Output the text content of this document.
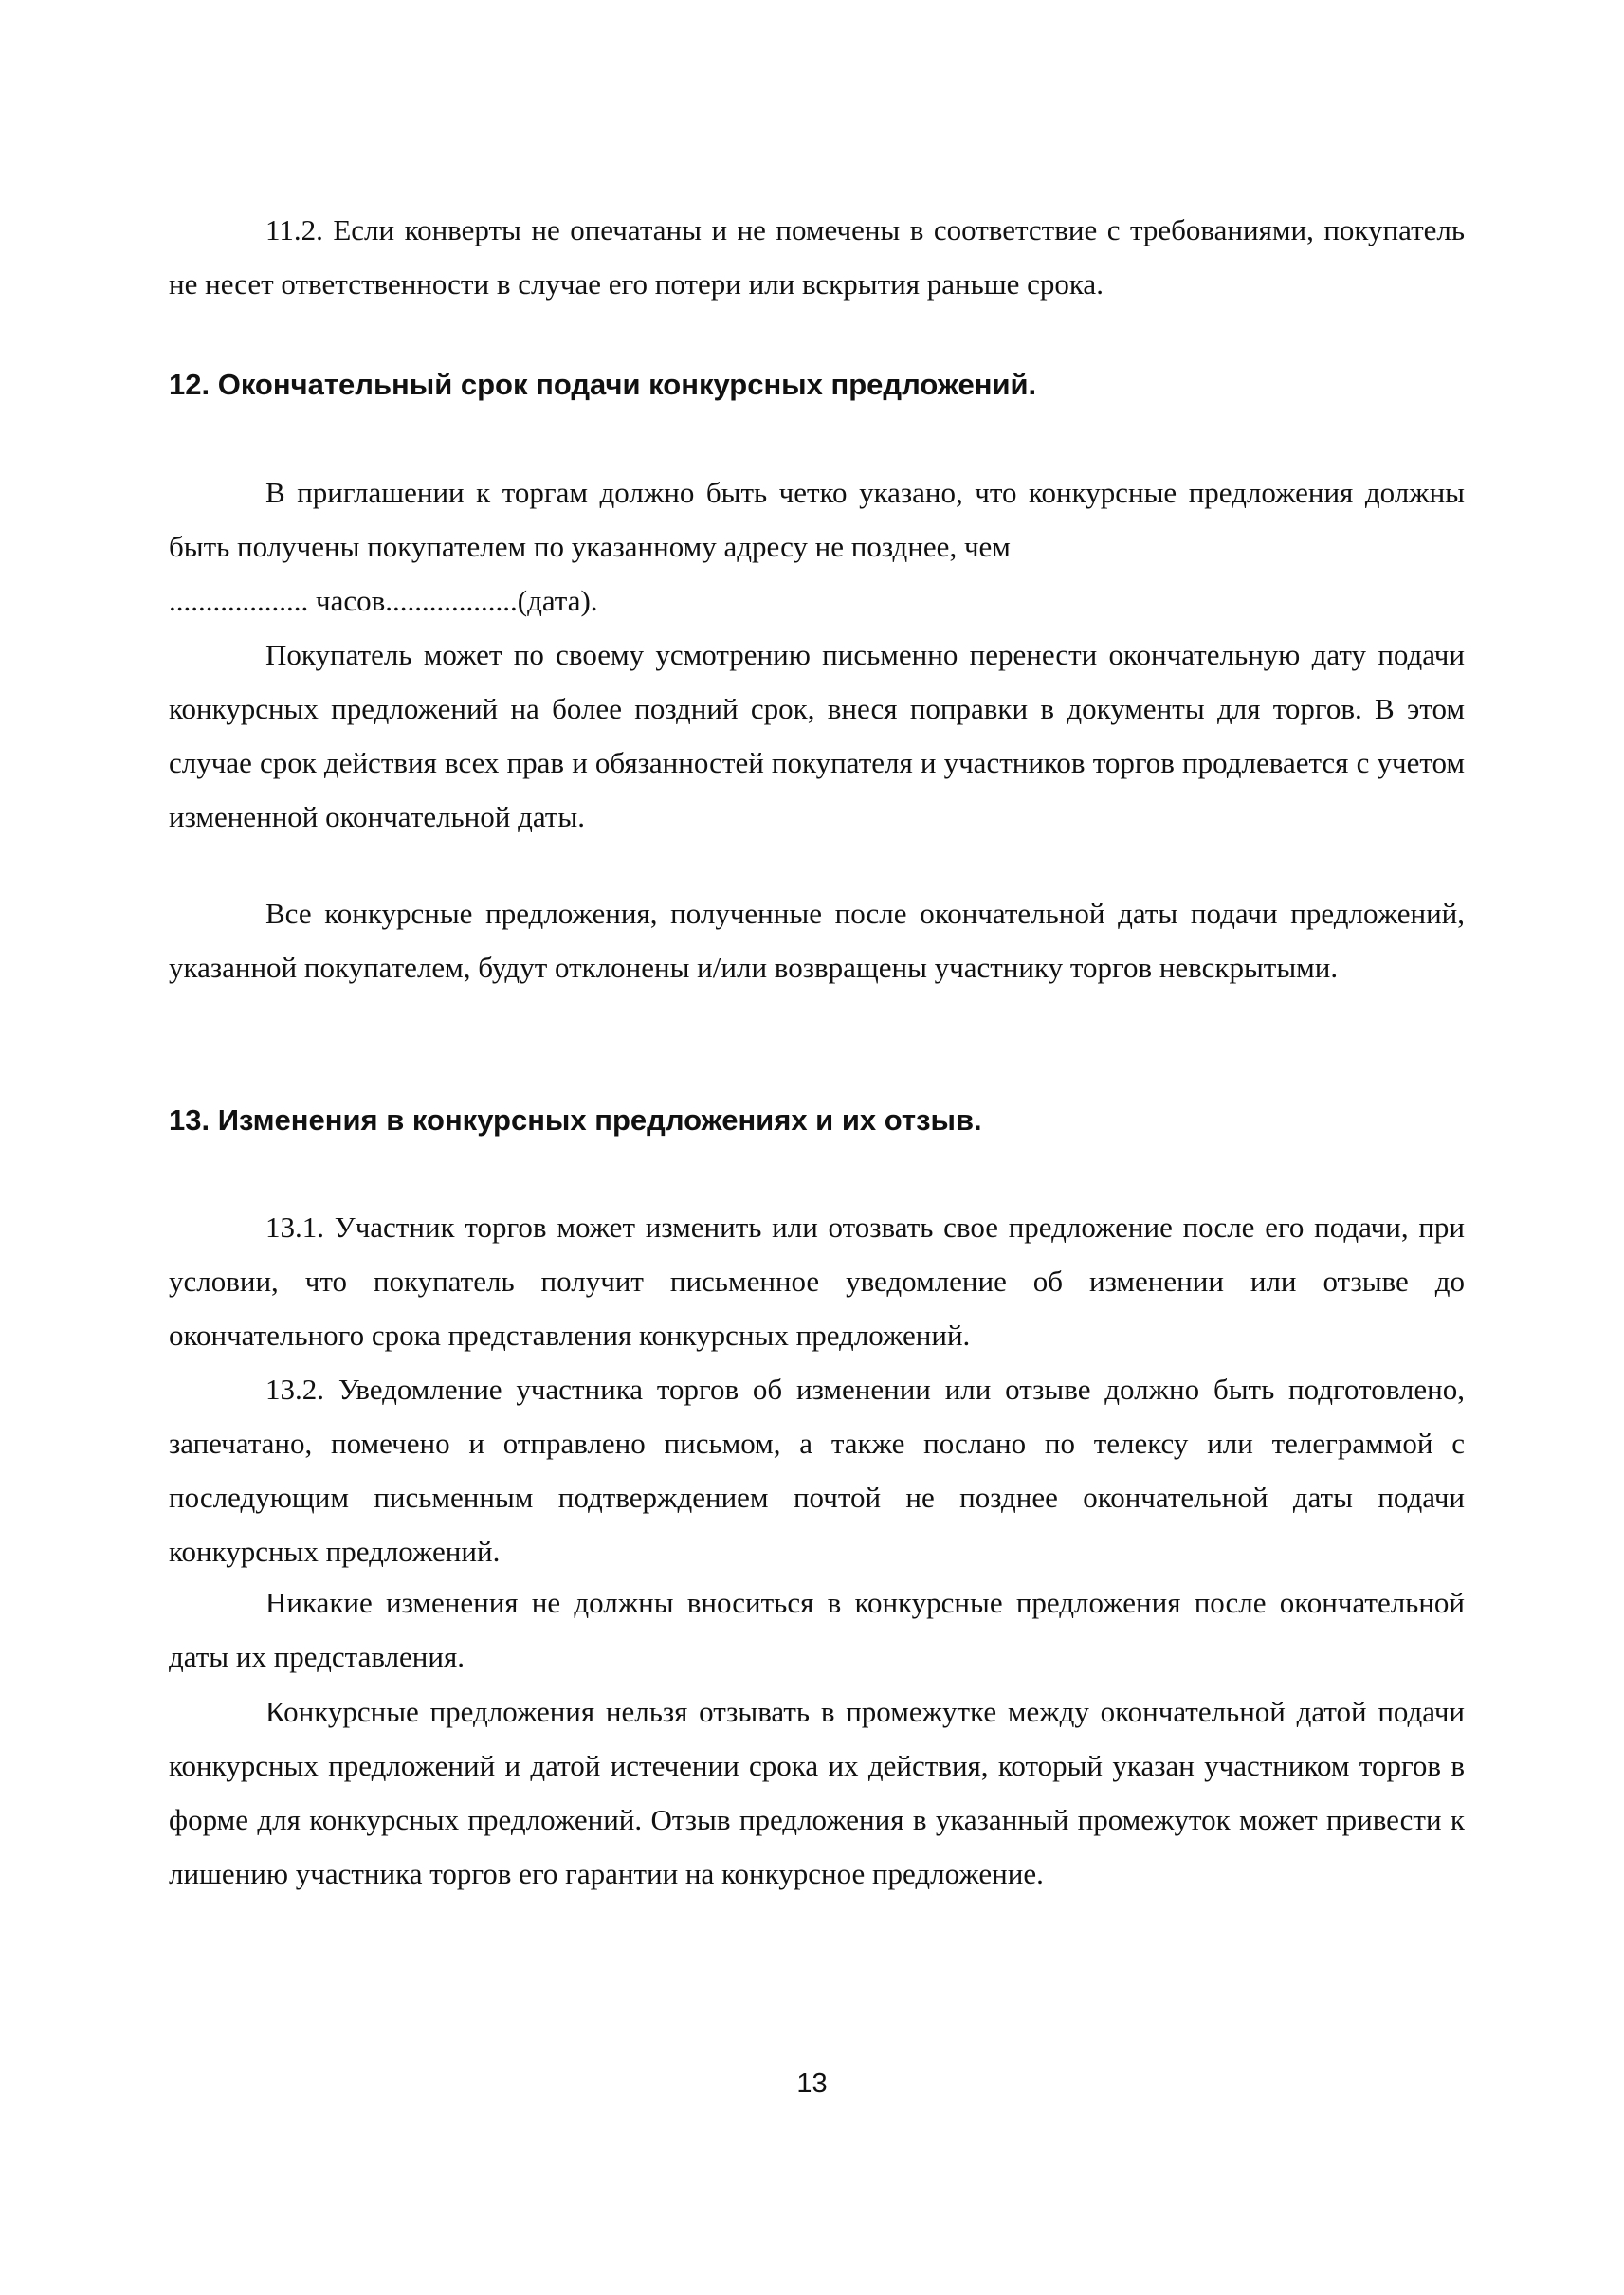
11.2. Если конверты не опечатаны и не помечены в соответствие с требованиями, покупатель не несет ответственности в случае его потери или вскрытия раньше срока.

12. Окончательный срок подачи конкурсных предложений.

В приглашении к торгам должно быть четко указано, что конкурсные предложения должны быть получены покупателем по указанному адресу не позднее, чем

................... часов..................(дата).

Покупатель может по своему усмотрению письменно перенести окончательную дату подачи конкурсных предложений на более поздний срок, внеся поправки в документы для торгов. В этом случае срок действия всех прав и обязанностей покупателя и участников торгов продлевается с учетом измененной окончательной даты.

Все конкурсные предложения, полученные после окончательной даты подачи предложений, указанной покупателем, будут отклонены и/или возвращены участнику торгов невскрытыми.

13. Изменения в конкурсных предложениях и их отзыв.

13.1. Участник торгов может изменить или отозвать свое предложение после его подачи, при условии, что покупатель получит письменное уведомление об изменении или отзыве до окончательного срока представления конкурсных предложений.

13.2. Уведомление участника торгов об изменении или отзыве должно быть подготовлено, запечатано, помечено и отправлено письмом, а также послано по телексу или телеграммой с последующим письменным подтверждением почтой не позднее окончательной даты подачи конкурсных предложений.

Никакие изменения не должны вноситься в конкурсные предложения после окончательной даты их представления.

Конкурсные предложения нельзя отзывать в промежутке между окончательной датой подачи конкурсных предложений и датой истечении срока их действия, который указан участником торгов в форме для конкурсных предложений. Отзыв предложения в указанный промежуток может привести к лишению участника торгов его гарантии на конкурсное предложение.

13
